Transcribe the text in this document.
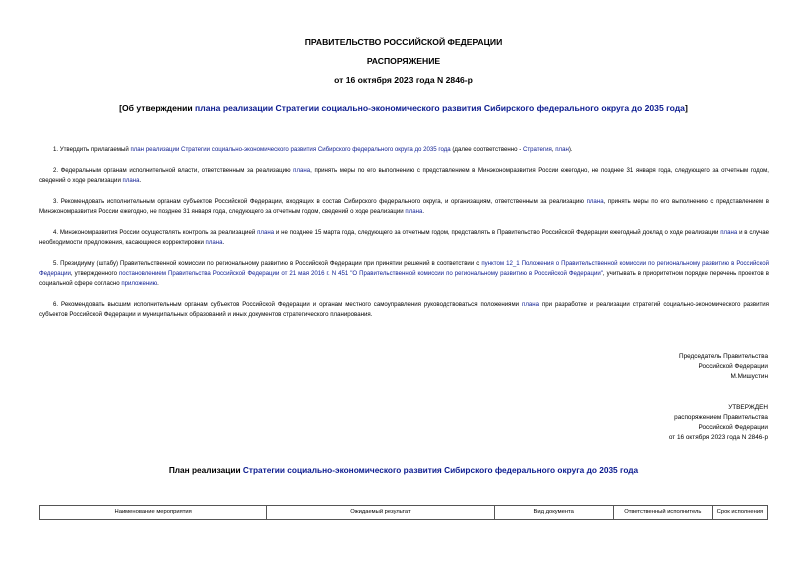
ПРАВИТЕЛЬСТВО РОССИЙСКОЙ ФЕДЕРАЦИИ
РАСПОРЯЖЕНИЕ
от 16 октября 2023 года N 2846-р
[Об утверждении плана реализации Стратегии социально-экономического развития Сибирского федерального округа до 2035 года]

1. Утвердить прилагаемый план реализации Стратегии социально-экономического развития Сибирского федерального округа до 2035 года (далее соответственно - Стратегия, план).

2. Федеральным органам исполнительной власти, ответственным за реализацию плана, принять меры по его выполнению с представлением в Минэкономразвития России ежегодно, не позднее 31 января года, следующего за отчетным годом, сведений о ходе реализации плана.

3. Рекомендовать исполнительным органам субъектов Российской Федерации, входящих в состав Сибирского федерального округа, и организациям, ответственным за реализацию плана, принять меры по его выполнению с представлением в Минэкономразвития России ежегодно, не позднее 31 января года, следующего за отчетным годом, сведений о ходе реализации плана.

4. Минэкономразвития России осуществлять контроль за реализацией плана и не позднее 15 марта года, следующего за отчетным годом, представлять в Правительство Российской Федерации ежегодный доклад о ходе реализации плана и в случае необходимости предложения, касающиеся корректировки плана.

5. Президиуму (штабу) Правительственной комиссии по региональному развитию в Российской Федерации при принятии решений в соответствии с пунктом 12_1 Положения о Правительственной комиссии по региональному развитию в Российской Федерации, утвержденного постановлением Правительства Российской Федерации от 21 мая 2016 г. N 451 "О Правительственной комиссии по региональному развитию в Российской Федерации", учитывать в приоритетном порядке перечень проектов в социальной сфере согласно приложению.

6. Рекомендовать высшим исполнительным органам субъектов Российской Федерации и органам местного самоуправления руководствоваться положениями плана при разработке и реализации стратегий социально-экономического развития субъектов Российской Федерации и муниципальных образований и иных документов стратегического планирования.

Председатель Правительства
Российской Федерации
М.Мишустин
УТВЕРЖДЕН
распоряжением Правительства
Российской Федерации
от 16 октября 2023 года N 2846-р
План реализации Стратегии социально-экономического развития Сибирского федерального округа до 2035 года
Наименование мероприятия	Ожидаемый результат	Вид документа	Ответственный исполнитель	Срок исполнения
